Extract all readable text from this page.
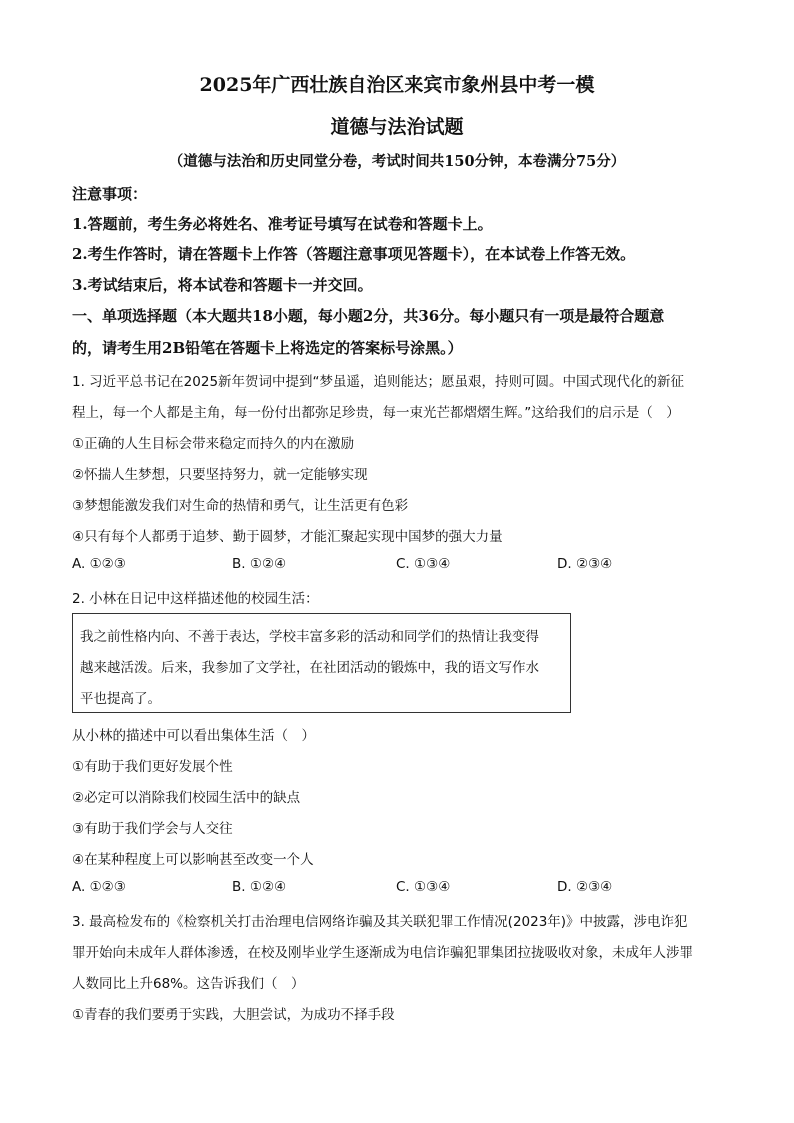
2025年广西壮族自治区来宾市象州县中考一模
道德与法治试题
（道德与法治和历史同堂分卷，考试时间共150分钟，本卷满分75分）
注意事项：
1.答题前，考生务必将姓名、准考证号填写在试卷和答题卡上。
2.考生作答时，请在答题卡上作答（答题注意事项见答题卡），在本试卷上作答无效。
3.考试结束后，将本试卷和答题卡一并交回。
一、单项选择题（本大题共18小题，每小题2分，共36分。每小题只有一项是最符合题意
的，请考生用2B铅笔在答题卡上将选定的答案标号涂黑。）
1. 习近平总书记在2025新年贺词中提到“梦虽遥，追则能达；愿虽艰，持则可圆。中国式现代化的新征
程上，每一个人都是主角，每一份付出都弥足珍贵，每一束光芒都熠熠生辉。”这给我们的启示是（　）
①正确的人生目标会带来稳定而持久的内在激励
②怀揣人生梦想，只要坚持努力，就一定能够实现
③梦想能激发我们对生命的热情和勇气，让生活更有色彩
④只有每个人都勇于追梦、勤于圆梦，才能汇聚起实现中国梦的强大力量
A. ①②③	B. ①②④	C. ①③④	D. ②③④
2. 小林在日记中这样描述他的校园生活：
我之前性格内向、不善于表达，学校丰富多彩的活动和同学们的热情让我变得
越来越活泼。后来，我参加了文学社，在社团活动的锻炼中，我的语文写作水
平也提高了。
从小林的描述中可以看出集体生活（　）
①有助于我们更好发展个性
②必定可以消除我们校园生活中的缺点
③有助于我们学会与人交往
④在某种程度上可以影响甚至改变一个人
A. ①②③	B. ①②④	C. ①③④	D. ②③④
3. 最高检发布的《检察机关打击治理电信网络诈骗及其关联犯罪工作情况(2023年)》中披露，涉电诈犯
罪开始向未成年人群体渗透，在校及刚毕业学生逐渐成为电信诈骗犯罪集团拉拢吸收对象，未成年人涉罪
人数同比上升68%。这告诉我们（　）
①青春的我们要勇于实践，大胆尝试，为成功不择手段
